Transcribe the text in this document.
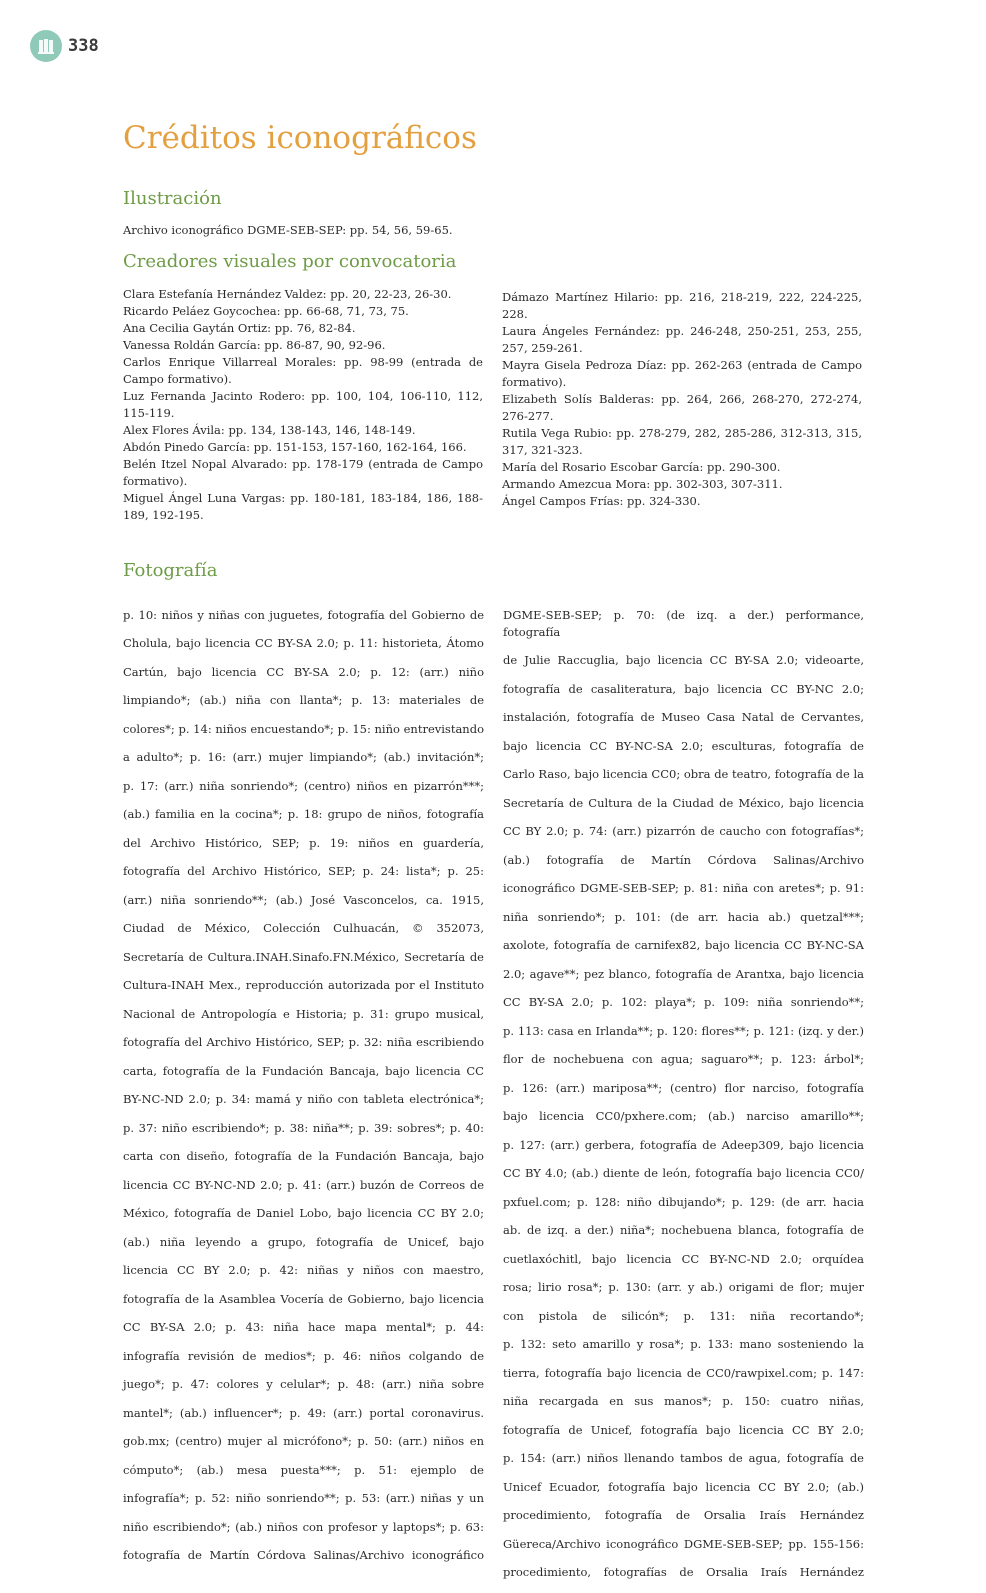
338
Créditos iconográficos
Ilustración
Archivo iconográfico DGME-SEB-SEP: pp. 54, 56, 59-65.
Creadores visuales por convocatoria

Clara Estefanía Hernández Valdez: pp. 20, 22-23, 26-30.

Ricardo Peláez Goycochea: pp. 66-68, 71, 73, 75.

Ana Cecilia Gaytán Ortiz: pp. 76, 82-84.

Vanessa Roldán García: pp. 86-87, 90, 92-96.

Carlos Enrique Villarreal Morales: pp. 98-99 (entrada de Campo formativo).

Luz Fernanda Jacinto Rodero: pp. 100, 104, 106-110, 112, 115-119.

Alex Flores Ávila: pp. 134, 138-143, 146, 148-149.

Abdón Pinedo García: pp. 151-153, 157-160, 162-164, 166.

Belén Itzel Nopal Alvarado: pp. 178-179 (entrada de Campo formativo).

Miguel Ángel Luna Vargas: pp. 180-181, 183-184, 186, 188-189, 192-195.

Dámazo Martínez Hilario: pp. 216, 218-219, 222, 224-225, 228.

Laura Ángeles Fernández: pp. 246-248, 250-251, 253, 255, 257, 259-261.

Mayra Gisela Pedroza Díaz: pp. 262-263 (entrada de Campo formativo).

Elizabeth Solís Balderas: pp. 264, 266, 268-270, 272-274, 276-277.

Rutila Vega Rubio: pp. 278-279, 282, 285-286, 312-313, 315, 317, 321-323.

María del Rosario Escobar García: pp. 290-300.

Armando Amezcua Mora: pp. 302-303, 307-311.

Ángel Campos Frías: pp. 324-330.

Fotografía

p. 10: niños y niñas con juguetes, fotografía del Gobierno de

Cholula, bajo licencia CC BY-SA 2.0; p. 11: historieta, Átomo

Cartún, bajo licencia CC BY-SA 2.0; p. 12: (arr.) niño

limpiando*; (ab.) niña con llanta*; p. 13: materiales de

colores*; p. 14: niños encuestando*; p. 15: niño entrevistando

a adulto*; p. 16: (arr.) mujer limpiando*; (ab.) invitación*;

p. 17: (arr.) niña sonriendo*; (centro) niños en pizarrón***;

(ab.) familia en la cocina*; p. 18: grupo de niños, fotografía

del Archivo Histórico, SEP; p. 19: niños en guardería,

fotografía del Archivo Histórico, SEP; p. 24: lista*; p. 25:

(arr.) niña sonriendo**; (ab.) José Vasconcelos, ca. 1915,

Ciudad de México, Colección Culhuacán, © 352073,

Secretaría de Cultura.INAH.Sinafo.FN.México, Secretaría de

Cultura-INAH Mex., reproducción autorizada por el Instituto

Nacional de Antropología e Historia; p. 31: grupo musical,

fotografía del Archivo Histórico, SEP; p. 32: niña escribiendo

carta, fotografía de la Fundación Bancaja, bajo licencia CC

BY-NC-ND 2.0; p. 34: mamá y niño con tableta electrónica*;

p. 37: niño escribiendo*; p. 38: niña**; p. 39: sobres*; p. 40:

carta con diseño, fotografía de la Fundación Bancaja, bajo

licencia CC BY-NC-ND 2.0; p. 41: (arr.) buzón de Correos de

México, fotografía de Daniel Lobo, bajo licencia CC BY 2.0;

(ab.) niña leyendo a grupo, fotografía de Unicef, bajo

licencia CC BY 2.0; p. 42: niñas y niños con maestro,

fotografía de la Asamblea Vocería de Gobierno, bajo licencia

CC BY-SA 2.0; p. 43: niña hace mapa mental*; p. 44:

infografía revisión de medios*; p. 46: niños colgando de

juego*; p. 47: colores y celular*; p. 48: (arr.) niña sobre

mantel*; (ab.) influencer*; p. 49: (arr.) portal coronavirus.

gob.mx; (centro) mujer al micrófono*; p. 50: (arr.) niños en

cómputo*; (ab.) mesa puesta***; p. 51: ejemplo de

infografía*; p. 52: niño sonriendo**; p. 53: (arr.) niñas y un

niño escribiendo*; (ab.) niños con profesor y laptops*; p. 63:

fotografía de Martín Córdova Salinas/Archivo iconográfico

DGME-SEB-SEP; p. 70: (de izq. a der.) performance, fotografía

de Julie Raccuglia, bajo licencia CC BY-SA 2.0; videoarte,

fotografía de casaliteratura, bajo licencia CC BY-NC 2.0;

instalación, fotografía de Museo Casa Natal de Cervantes,

bajo licencia CC BY-NC-SA 2.0; esculturas, fotografía de

Carlo Raso, bajo licencia CC0; obra de teatro, fotografía de la

Secretaría de Cultura de la Ciudad de México, bajo licencia

CC BY 2.0; p. 74: (arr.) pizarrón de caucho con fotografías*;

(ab.) fotografía de Martín Córdova Salinas/Archivo

iconográfico DGME-SEB-SEP; p. 81: niña con aretes*; p. 91:

niña sonriendo*; p. 101: (de arr. hacia ab.) quetzal***;

axolote, fotografía de carnifex82, bajo licencia CC BY-NC-SA

2.0; agave**; pez blanco, fotografía de Arantxa, bajo licencia

CC BY-SA 2.0; p. 102: playa*; p. 109: niña sonriendo**;

p. 113: casa en Irlanda**; p. 120: flores**; p. 121: (izq. y der.)

flor de nochebuena con agua; saguaro**; p. 123: árbol*;

p. 126: (arr.) mariposa**; (centro) flor narciso, fotografía

bajo licencia CC0/pxhere.com; (ab.) narciso amarillo**;

p. 127: (arr.) gerbera, fotografía de Adeep309, bajo licencia

CC BY 4.0; (ab.) diente de león, fotografía bajo licencia CC0/

pxfuel.com; p. 128: niño dibujando*; p. 129: (de arr. hacia

ab. de izq. a der.) niña*; nochebuena blanca, fotografía de

cuetlaxóchitl, bajo licencia CC BY-NC-ND 2.0; orquídea

rosa; lirio rosa*; p. 130: (arr. y ab.) origami de flor; mujer

con pistola de silicón*; p. 131: niña recortando*;

p. 132: seto amarillo y rosa*; p. 133: mano sosteniendo la

tierra, fotografía bajo licencia de CC0/rawpixel.com; p. 147:

niña recargada en sus manos*; p. 150: cuatro niñas,

fotografía de Unicef, fotografía bajo licencia CC BY 2.0;

p. 154: (arr.) niños llenando tambos de agua, fotografía de

Unicef Ecuador, fotografía bajo licencia CC BY 2.0; (ab.)

procedimiento, fotografía de Orsalia Iraís Hernández

Güereca/Archivo iconográfico DGME-SEB-SEP; pp. 155-156:

procedimiento, fotografías de Orsalia Iraís Hernández
